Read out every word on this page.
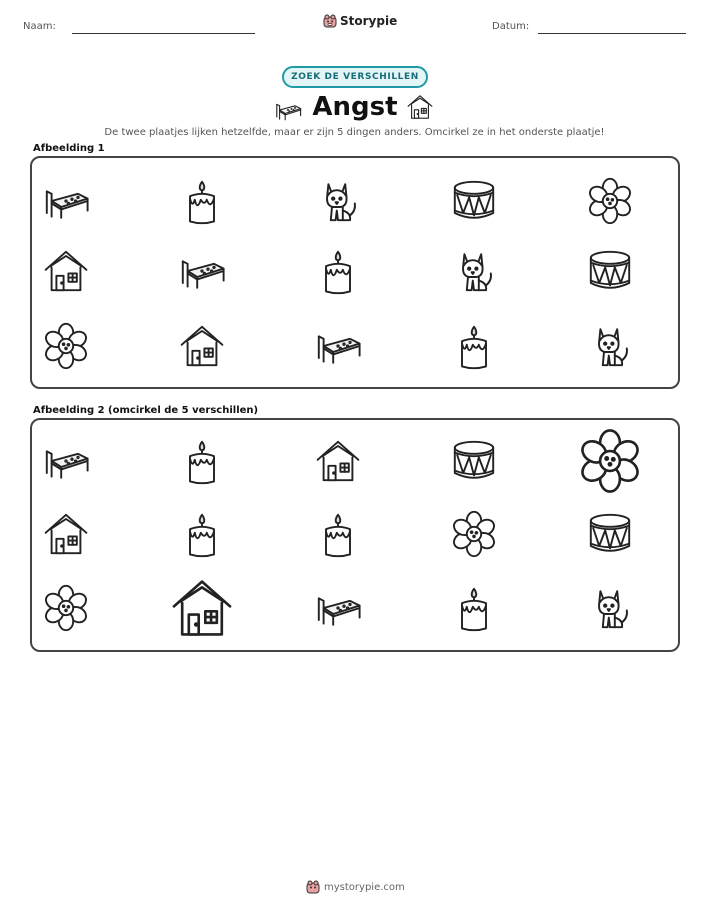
Naam:	Storypie	Datum:
ZOEK DE VERSCHILLEN
Angst
De twee plaatjes lijken hetzelfde, maar er zijn 5 dingen anders. Omcirkel ze in het onderste plaatje!
Afbeelding 1
Afbeelding 2 (omcirkel de 5 verschillen)
mystorypie.com
